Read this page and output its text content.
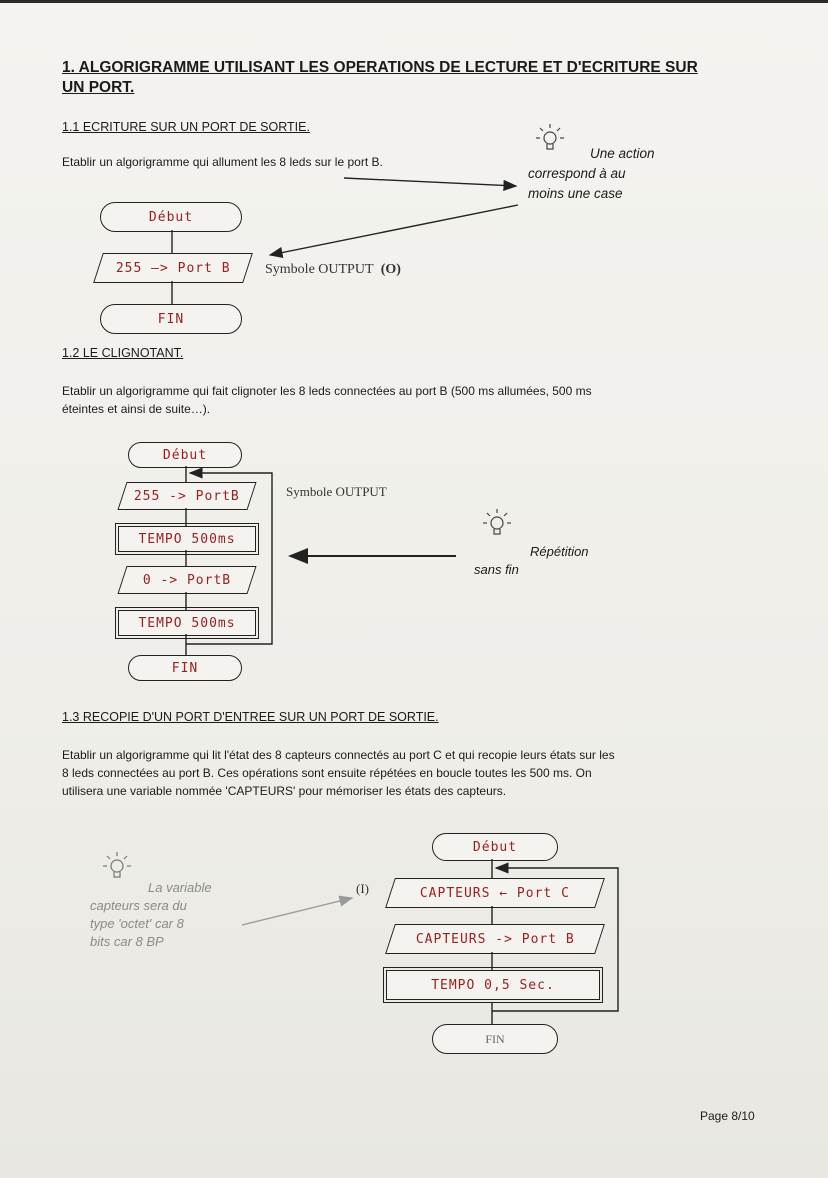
1. ALGORIGRAMME UTILISANT LES OPERATIONS DE LECTURE ET D'ECRITURE SUR
UN PORT.
1.1 ECRITURE SUR UN PORT DE SORTIE.
Etablir un algorigramme qui allument les 8 leds sur le port B.
Une action
correspond à au
moins une case
Début
255 —> Port B
FIN
Symbole OUTPUT (O)
1.2 LE CLIGNOTANT.
Etablir un algorigramme qui fait clignoter les 8 leds connectées au port B (500 ms allumées, 500 ms
éteintes et ainsi de suite…).
Début
255 -> PortB
TEMPO 500ms
0 -> PortB
TEMPO 500ms
FIN
Symbole OUTPUT
Répétition
sans fin
1.3 RECOPIE D'UN PORT D'ENTREE SUR UN PORT DE SORTIE.
Etablir un algorigramme qui lit l'état des 8 capteurs connectés au port C et qui recopie leurs états sur les
8 leds connectées au port B. Ces opérations sont ensuite répétées en boucle toutes les 500 ms. On
utilisera une variable nommée 'CAPTEURS' pour mémoriser les états des capteurs.
La variable
capteurs sera du
type 'octet' car 8
bits car 8 BP
(I)
Début
CAPTEURS ← Port C
CAPTEURS -> Port B
TEMPO 0,5 Sec.
FIN
Page 8/10
